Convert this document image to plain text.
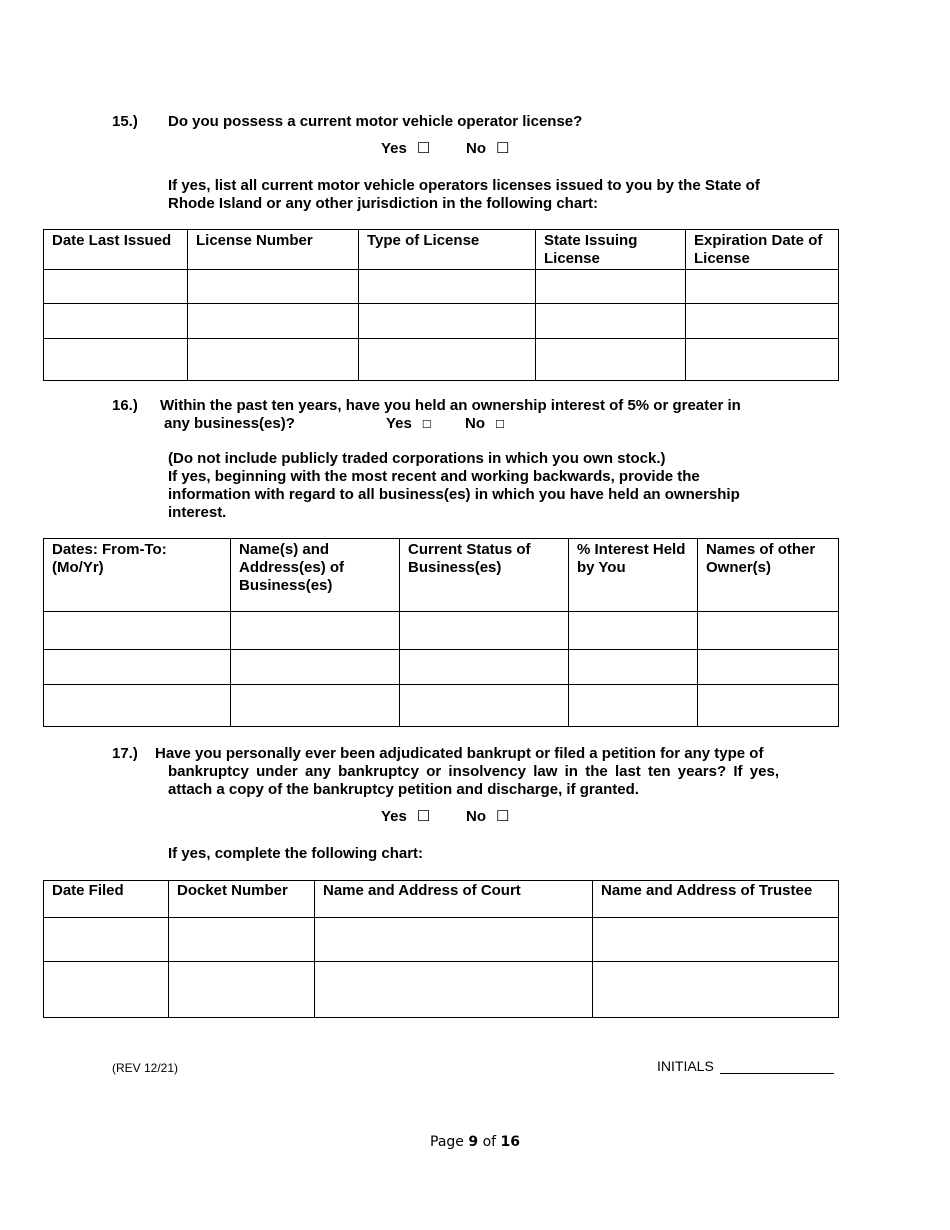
15.) Do you possess a current motor vehicle operator license?
Yes ☐ No ☐
If yes, list all current motor vehicle operators licenses issued to you by the State of
Rhode Island or any other jurisdiction in the following chart:
Date Last Issued	License Number	Type of License	State Issuing License	Expiration Date of License

16.) Within the past ten years, have you held an ownership interest of 5% or greater in
any business(es)?	Yes ☐ No ☐
(Do not include publicly traded corporations in which you own stock.)
If yes, beginning with the most recent and working backwards, provide the
information with regard to all business(es) in which you have held an ownership
interest.
Dates: From-To: (Mo/Yr)	Name(s) and Address(es) of Business(es)	Current Status of Business(es)	% Interest Held by You	Names of other Owner(s)

17.) Have you personally ever been adjudicated bankrupt or filed a petition for any type of
bankruptcy under any bankruptcy or insolvency law in the last ten years? If yes,
attach a copy of the bankruptcy petition and discharge, if granted.
Yes ☐ No ☐
If yes, complete the following chart:
Date Filed	Docket Number	Name and Address of Court	Name and Address of Trustee

(REV 12/21)	INITIALS
Page 9 of 16
